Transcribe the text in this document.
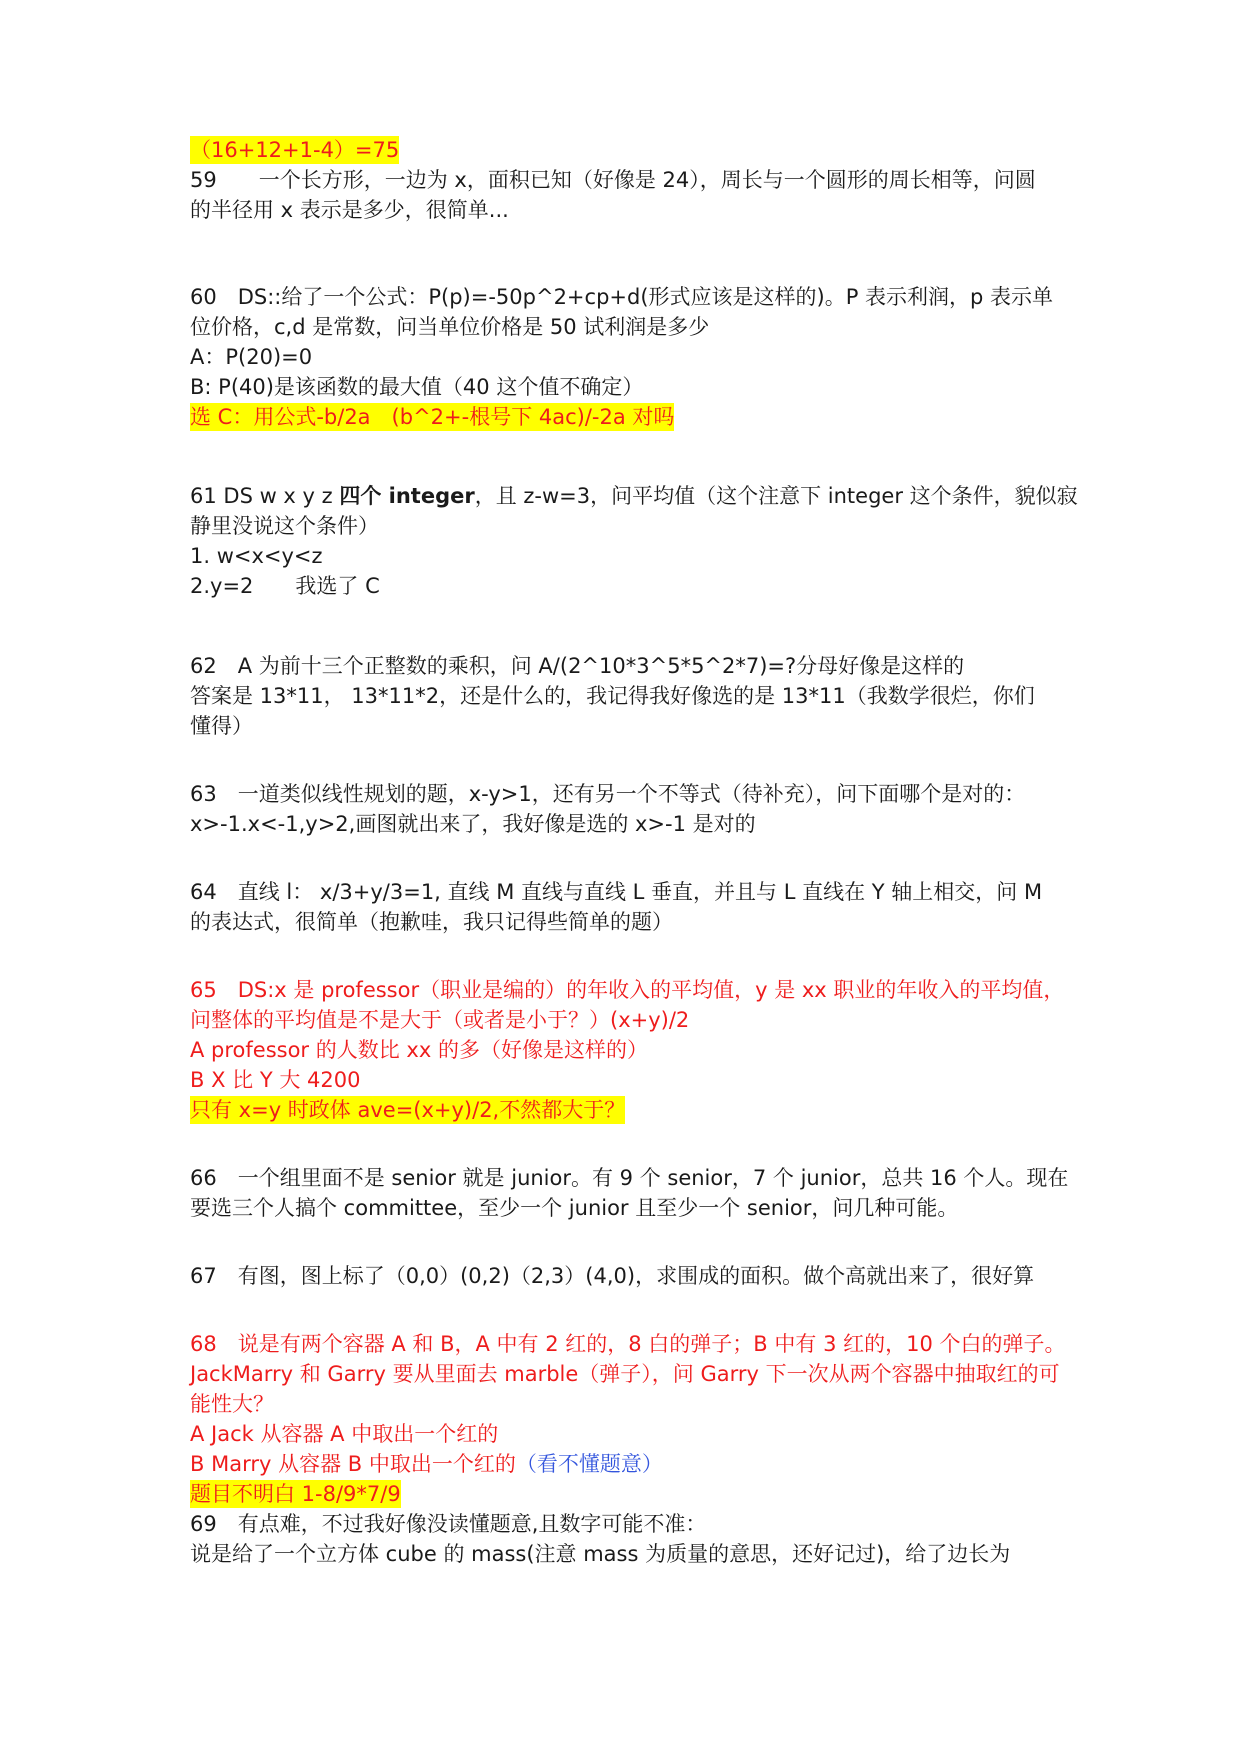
（16+12+1-4）=75
59　　一个长方形，一边为 x，面积已知（好像是 24），周长与一个圆形的周长相等，问圆
的半径用 x 表示是多少，很简单...
60　DS::给了一个公式：P(p)=-50p^2+cp+d(形式应该是这样的)。P 表示利润，p 表示单
位价格，c,d 是常数，问当单位价格是 50 试利润是多少
A：P(20)=0
B: P(40)是该函数的最大值（40 这个值不确定）
选 C：用公式-b/2a　(b^2+-根号下 4ac)/-2a 对吗
61 DS w x y z 四个 integer，且 z-w=3，问平均值（这个注意下 integer 这个条件，貌似寂
静里没说这个条件）
1. w<x<y<z
2.y=2　　我选了 C
62　A 为前十三个正整数的乘积，问 A/(2^10*3^5*5^2*7)=?分母好像是这样的
答案是 13*11， 13*11*2，还是什么的，我记得我好像选的是 13*11（我数学很烂，你们
懂得）
63　一道类似线性规划的题，x-y>1，还有另一个不等式（待补充），问下面哪个是对的：
x>-1.x<-1,y>2,画图就出来了，我好像是选的 x>-1 是对的
64　直线 l： x/3+y/3=1, 直线 M 直线与直线 L 垂直，并且与 L 直线在 Y 轴上相交，问 M
的表达式，很简单（抱歉哇，我只记得些简单的题）
65　DS:x 是 professor（职业是编的）的年收入的平均值，y 是 xx 职业的年收入的平均值，
问整体的平均值是不是大于（或者是小于？）(x+y)/2
A professor 的人数比 xx 的多（好像是这样的）
B X 比 Y 大 4200
只有 x=y 时政体 ave=(x+y)/2,不然都大于？
66　一个组里面不是 senior 就是 junior。有 9 个 senior，7 个 junior，总共 16 个人。现在
要选三个人搞个 committee，至少一个 junior 且至少一个 senior，问几种可能。
67　有图，图上标了（0,0）(0,2)（2,3）(4,0)，求围成的面积。做个高就出来了，很好算
68　说是有两个容器 A 和 B，A 中有 2 红的，8 白的弹子；B 中有 3 红的，10 个白的弹子。
JackMarry 和 Garry 要从里面去 marble（弹子），问 Garry 下一次从两个容器中抽取红的可
能性大？
A Jack 从容器 A 中取出一个红的
B Marry 从容器 B 中取出一个红的（看不懂题意）
题目不明白 1-8/9*7/9
69　有点难，不过我好像没读懂题意,且数字可能不准：
说是给了一个立方体 cube 的 mass(注意 mass 为质量的意思，还好记过)，给了边长为
